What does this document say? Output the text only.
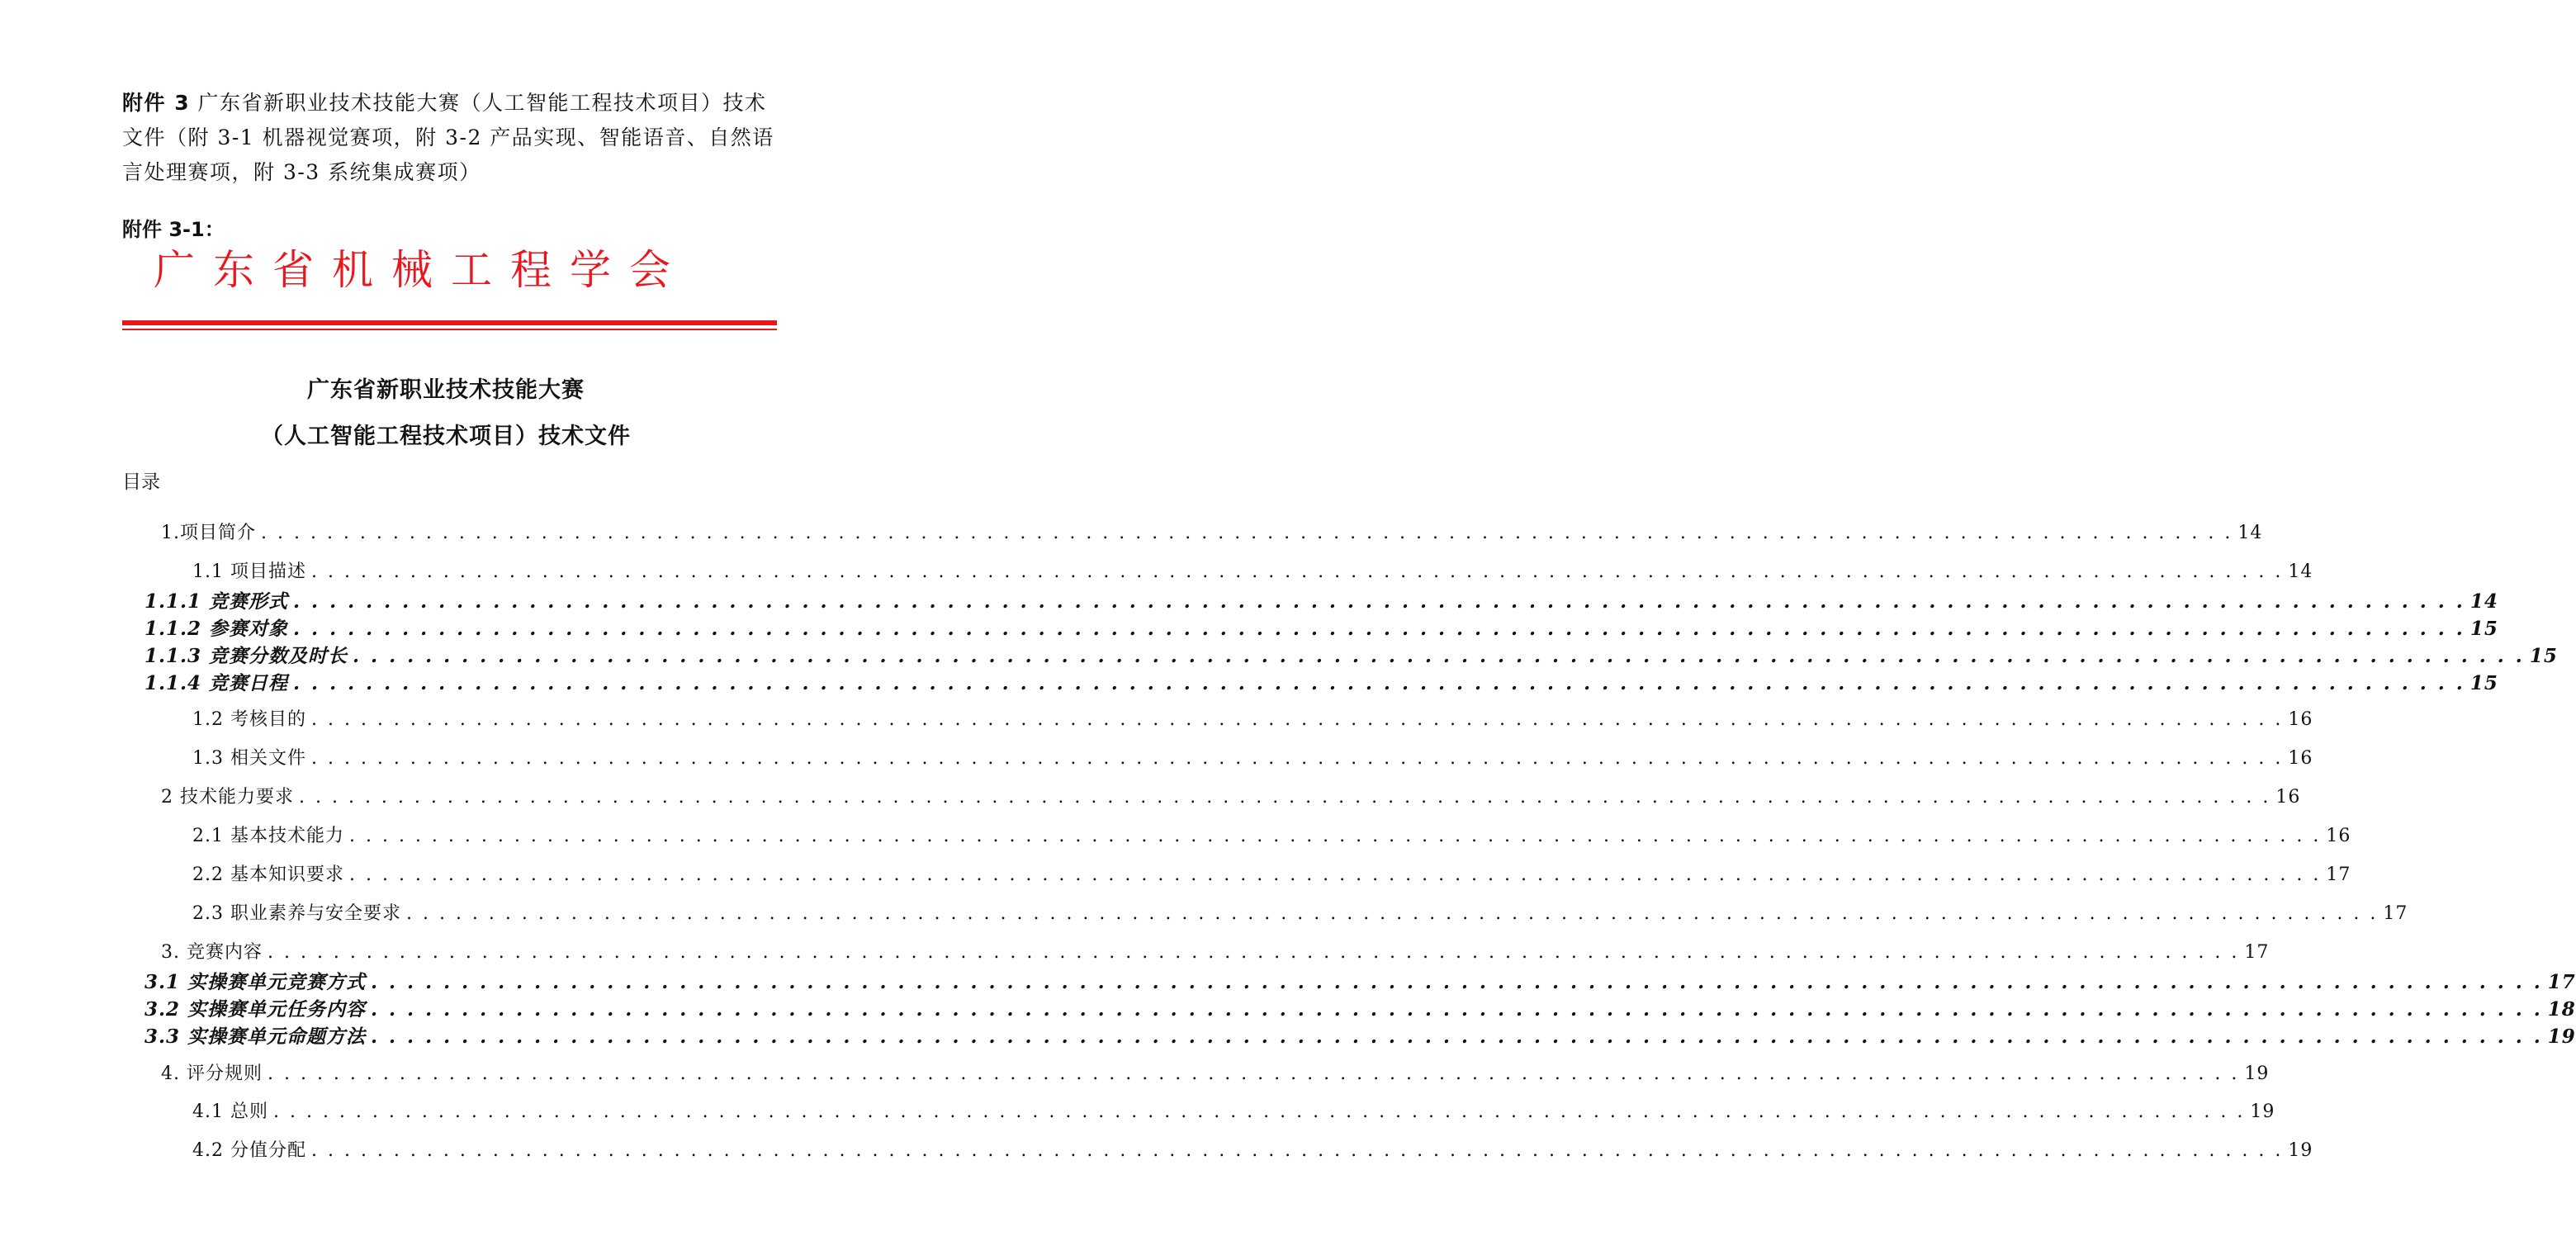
附件 3 广东省新职业技术技能大赛（人工智能工程技术项目）技术文件（附 3-1 机器视觉赛项，附 3-2 产品实现、智能语音、自然语言处理赛项，附 3-3 系统集成赛项）
附件 3-1：
广东省机械工程学会
广东省新职业技术技能大赛
（人工智能工程技术项目）技术文件
目录
1.项目简介 . . . . . . . . . . . . . . . . . . . . . . . . . . . . . . . . . . . . . . . . . . . . . . . . . . . . . . . . . . . . . . . . . . . . . . . . . . . . . . . . . . . . . . . . . . . . . . . . . . . . . . . . . . . . . . . . . . . . . . . . 14
1.1 项目描述 . . . . . . . . . . . . . . . . . . . . . . . . . . . . . . . . . . . . . . . . . . . . . . . . . . . . . . . . . . . . . . . . . . . . . . . . . . . . . . . . . . . . . . . . . . . . . . . . . . . . . . . . . . . . . . . . . . . . . . . . 14
1.1.1 竞赛形式 . . . . . . . . . . . . . . . . . . . . . . . . . . . . . . . . . . . . . . . . . . . . . . . . . . . . . . . . . . . . . . . . . . . . . . . . . . . . . . . . . . . . . . . . . . . . . . . . . . . . . . . . . . . . . . . . . . . . . . . . 14
1.1.2 参赛对象 . . . . . . . . . . . . . . . . . . . . . . . . . . . . . . . . . . . . . . . . . . . . . . . . . . . . . . . . . . . . . . . . . . . . . . . . . . . . . . . . . . . . . . . . . . . . . . . . . . . . . . . . . . . . . . . . . . . . . . . . 15
1.1.3 竞赛分数及时长 . . . . . . . . . . . . . . . . . . . . . . . . . . . . . . . . . . . . . . . . . . . . . . . . . . . . . . . . . . . . . . . . . . . . . . . . . . . . . . . . . . . . . . . . . . . . . . . . . . . . . . . . . . . . . . . . . . . . . . . . 15
1.1.4 竞赛日程 . . . . . . . . . . . . . . . . . . . . . . . . . . . . . . . . . . . . . . . . . . . . . . . . . . . . . . . . . . . . . . . . . . . . . . . . . . . . . . . . . . . . . . . . . . . . . . . . . . . . . . . . . . . . . . . . . . . . . . . . 15
1.2 考核目的 . . . . . . . . . . . . . . . . . . . . . . . . . . . . . . . . . . . . . . . . . . . . . . . . . . . . . . . . . . . . . . . . . . . . . . . . . . . . . . . . . . . . . . . . . . . . . . . . . . . . . . . . . . . . . . . . . . . . . . . . 16
1.3 相关文件 . . . . . . . . . . . . . . . . . . . . . . . . . . . . . . . . . . . . . . . . . . . . . . . . . . . . . . . . . . . . . . . . . . . . . . . . . . . . . . . . . . . . . . . . . . . . . . . . . . . . . . . . . . . . . . . . . . . . . . . . 16
2 技术能力要求 . . . . . . . . . . . . . . . . . . . . . . . . . . . . . . . . . . . . . . . . . . . . . . . . . . . . . . . . . . . . . . . . . . . . . . . . . . . . . . . . . . . . . . . . . . . . . . . . . . . . . . . . . . . . . . . . . . . . . . . . 16
2.1 基本技术能力 . . . . . . . . . . . . . . . . . . . . . . . . . . . . . . . . . . . . . . . . . . . . . . . . . . . . . . . . . . . . . . . . . . . . . . . . . . . . . . . . . . . . . . . . . . . . . . . . . . . . . . . . . . . . . . . . . . . . . . . . 16
2.2 基本知识要求 . . . . . . . . . . . . . . . . . . . . . . . . . . . . . . . . . . . . . . . . . . . . . . . . . . . . . . . . . . . . . . . . . . . . . . . . . . . . . . . . . . . . . . . . . . . . . . . . . . . . . . . . . . . . . . . . . . . . . . . . 17
2.3 职业素养与安全要求 . . . . . . . . . . . . . . . . . . . . . . . . . . . . . . . . . . . . . . . . . . . . . . . . . . . . . . . . . . . . . . . . . . . . . . . . . . . . . . . . . . . . . . . . . . . . . . . . . . . . . . . . . . . . . . . . . . . . . . . . 17
3. 竞赛内容 . . . . . . . . . . . . . . . . . . . . . . . . . . . . . . . . . . . . . . . . . . . . . . . . . . . . . . . . . . . . . . . . . . . . . . . . . . . . . . . . . . . . . . . . . . . . . . . . . . . . . . . . . . . . . . . . . . . . . . . . 17
3.1 实操赛单元竞赛方式 . . . . . . . . . . . . . . . . . . . . . . . . . . . . . . . . . . . . . . . . . . . . . . . . . . . . . . . . . . . . . . . . . . . . . . . . . . . . . . . . . . . . . . . . . . . . . . . . . . . . . . . . . . . . . . . . . . . . . . . . 17
3.2 实操赛单元任务内容 . . . . . . . . . . . . . . . . . . . . . . . . . . . . . . . . . . . . . . . . . . . . . . . . . . . . . . . . . . . . . . . . . . . . . . . . . . . . . . . . . . . . . . . . . . . . . . . . . . . . . . . . . . . . . . . . . . . . . . . . 18
3.3 实操赛单元命题方法 . . . . . . . . . . . . . . . . . . . . . . . . . . . . . . . . . . . . . . . . . . . . . . . . . . . . . . . . . . . . . . . . . . . . . . . . . . . . . . . . . . . . . . . . . . . . . . . . . . . . . . . . . . . . . . . . . . . . . . . . 19
4. 评分规则 . . . . . . . . . . . . . . . . . . . . . . . . . . . . . . . . . . . . . . . . . . . . . . . . . . . . . . . . . . . . . . . . . . . . . . . . . . . . . . . . . . . . . . . . . . . . . . . . . . . . . . . . . . . . . . . . . . . . . . . . 19
4.1 总则 . . . . . . . . . . . . . . . . . . . . . . . . . . . . . . . . . . . . . . . . . . . . . . . . . . . . . . . . . . . . . . . . . . . . . . . . . . . . . . . . . . . . . . . . . . . . . . . . . . . . . . . . . . . . . . . . . . . . . . . . 19
4.2 分值分配 . . . . . . . . . . . . . . . . . . . . . . . . . . . . . . . . . . . . . . . . . . . . . . . . . . . . . . . . . . . . . . . . . . . . . . . . . . . . . . . . . . . . . . . . . . . . . . . . . . . . . . . . . . . . . . . . . . . . . . . . 19
